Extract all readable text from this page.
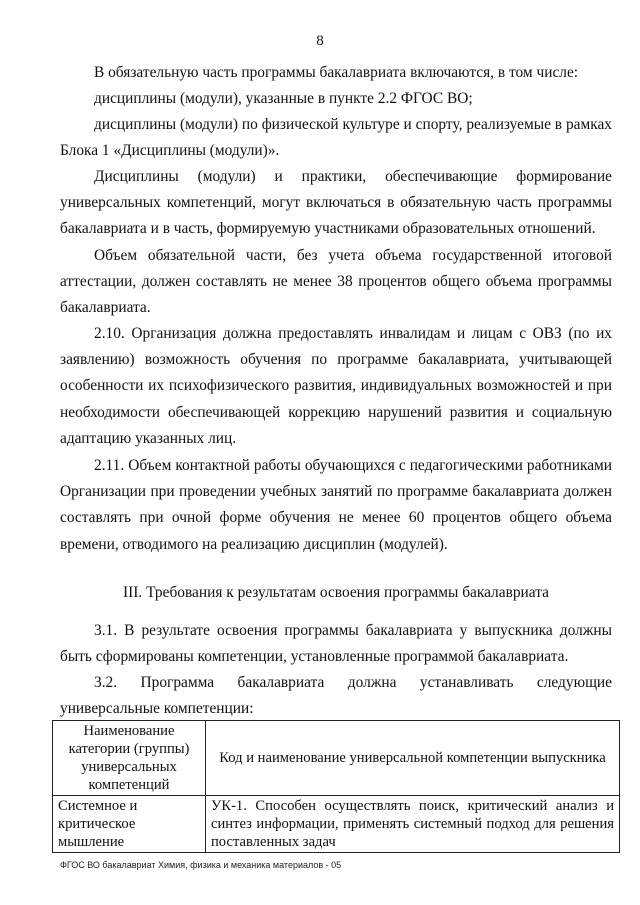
8

В обязательную часть программы бакалавриата включаются, в том числе:

дисциплины (модули), указанные в пункте 2.2 ФГОС ВО;

дисциплины (модули) по физической культуре и спорту, реализуемые в рамках Блока 1 «Дисциплины (модули)».

Дисциплины (модули) и практики, обеспечивающие формирование универсальных компетенций, могут включаться в обязательную часть программы бакалавриата и в часть, формируемую участниками образовательных отношений.

Объем обязательной части, без учета объема государственной итоговой аттестации, должен составлять не менее 38 процентов общего объема программы бакалавриата.

2.10. Организация должна предоставлять инвалидам и лицам с ОВЗ (по их заявлению) возможность обучения по программе бакалавриата, учитывающей особенности их психофизического развития, индивидуальных возможностей и при необходимости обеспечивающей коррекцию нарушений развития и социальную адаптацию указанных лиц.

2.11. Объем контактной работы обучающихся с педагогическими работниками Организации при проведении учебных занятий по программе бакалавриата должен составлять при очной форме обучения не менее 60 процентов общего объема времени, отводимого на реализацию дисциплин (модулей).

III. Требования к результатам освоения программы бакалавриата

3.1. В результате освоения программы бакалавриата у выпускника должны быть сформированы компетенции, установленные программой бакалавриата.

3.2. Программа бакалавриата должна устанавливать следующие универсальные компетенции:

Наименование категории (группы) универсальных компетенций	Код и наименование универсальной компетенции выпускника
Системное и критическое мышление	УК-1. Способен осуществлять поиск, критический анализ и синтез информации, применять системный подход для решения поставленных задач
ФГОС ВО бакалавриат Химия, физика и механика материалов - 05
